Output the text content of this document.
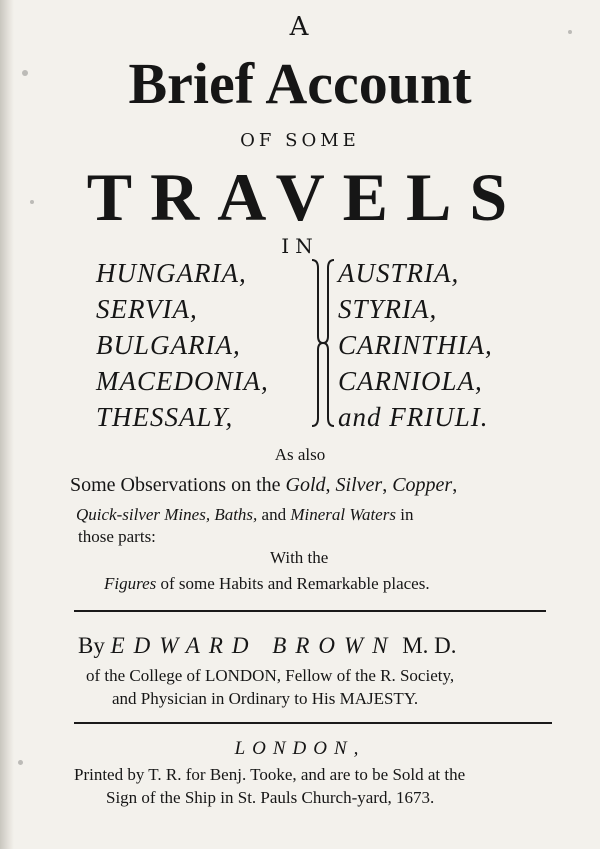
A
Brief Account
OF SOME
TRAVELS
IN
HUNGARIA,
SERVIA,
BULGARIA,
MACEDONIA,
THESSALY,
AUSTRIA,
STYRIA,
CARINTHIA,
CARNIOLA,
and FRIULI.
As also
Some Observations on the Gold, Silver, Copper,
Quick-silver Mines, Baths, and Mineral Waters in
those parts:
With the
Figures of some Habits and Remarkable places.
By EDWARD BROWN M. D.
of the College of LONDON, Fellow of the R. Society,
and Physician in Ordinary to His MAJESTY.
LONDON,
Printed by T. R. for Benj. Tooke, and are to be Sold at the
Sign of the Ship in St. Pauls Church-yard, 1673.
